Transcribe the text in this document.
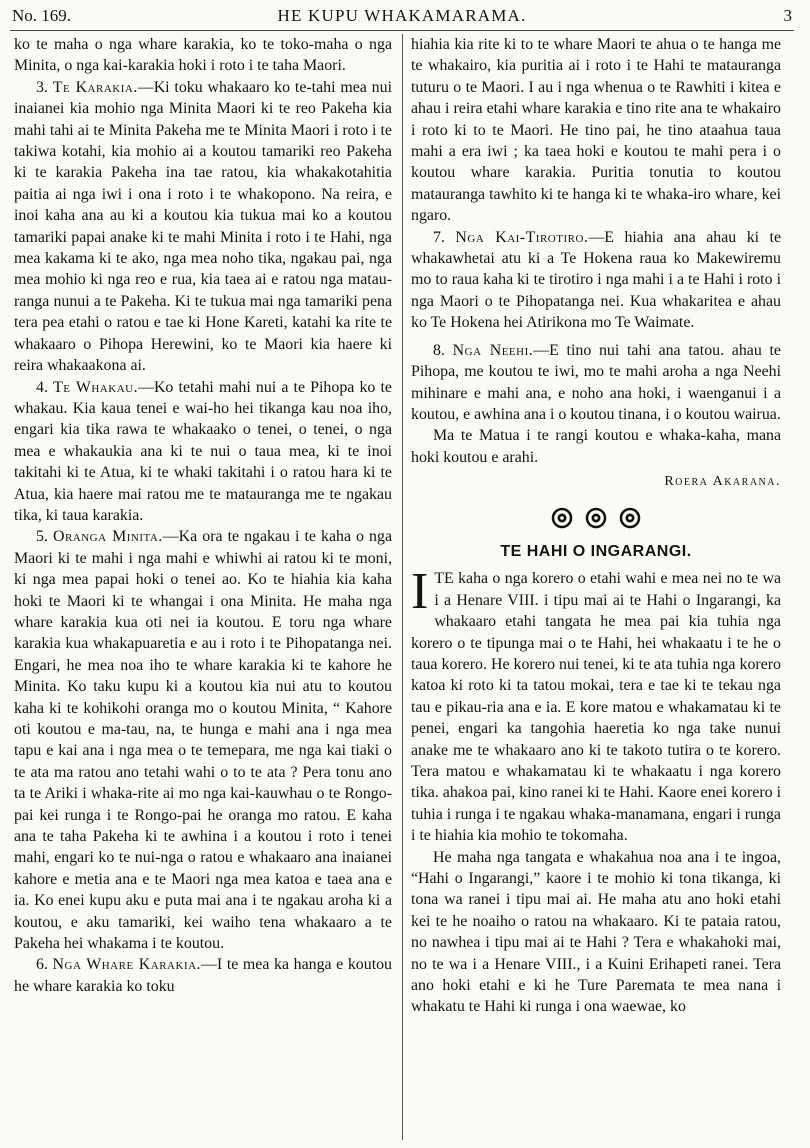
No. 169.	HE KUPU WHAKAMARAMA.	3

ko te maha o nga whare karakia, ko te toko-maha o nga Minita, o nga kai-karakia hoki i roto i te taha Maori.

3. Te Karakia.—Ki toku whakaaro ko te-tahi mea nui inaianei kia mohio nga Minita Maori ki te reo Pakeha kia mahi tahi ai te Minita Pakeha me te Minita Maori i roto i te takiwa kotahi, kia mohio ai a koutou tamariki reo Pakeha ki te karakia Pakeha ina tae ratou, kia whakakotahitia paitia ai nga iwi i ona i roto i te whakopono. Na reira, e inoi kaha ana au ki a koutou kia tukua mai ko a koutou tamariki papai anake ki te mahi Minita i roto i te Hahi, nga mea kakama ki te ako, nga mea noho tika, ngakau pai, nga mea mohio ki nga reo e rua, kia taea ai e ratou nga matau-ranga nunui a te Pakeha. Ki te tukua mai nga tamariki pena tera pea etahi o ratou e tae ki Hone Kareti, katahi ka rite te whakaaro o Pihopa Herewini, ko te Maori kia haere ki reira whakaakona ai.

4. Te Whakau.—Ko tetahi mahi nui a te Pihopa ko te whakau. Kia kaua tenei e wai-ho hei tikanga kau noa iho, engari kia tika rawa te whakaako o tenei, o tenei, o nga mea e whakaukia ana ki te nui o taua mea, ki te inoi takitahi ki te Atua, ki te whaki takitahi i o ratou hara ki te Atua, kia haere mai ratou me te matauranga me te ngakau tika, ki taua karakia.

5. Oranga Minita.—Ka ora te ngakau i te kaha o nga Maori ki te mahi i nga mahi e whiwhi ai ratou ki te moni, ki nga mea papai hoki o tenei ao. Ko te hiahia kia kaha hoki te Maori ki te whangai i ona Minita. He maha nga whare karakia kua oti nei ia koutou. E toru nga whare karakia kua whakapuaretia e au i roto i te Pihopatanga nei. Engari, he mea noa iho te whare karakia ki te kahore he Minita. Ko taku kupu ki a koutou kia nui atu to koutou kaha ki te kohikohi oranga mo o koutou Minita, “ Kahore oti koutou e ma-tau, na, te hunga e mahi ana i nga mea tapu e kai ana i nga mea o te temepara, me nga kai tiaki o te ata ma ratou ano tetahi wahi o to te ata ? Pera tonu ano ta te Ariki i whaka-rite ai mo nga kai-kauwhau o te Rongo-pai kei runga i te Rongo-pai he oranga mo ratou. E kaha ana te taha Pakeha ki te awhina i a koutou i roto i tenei mahi, engari ko te nui-nga o ratou e whakaaro ana inaianei kahore e metia ana e te Maori nga mea katoa e taea ana e ia. Ko enei kupu aku e puta mai ana i te ngakau aroha ki a koutou, e aku tamariki, kei waiho tena whakaaro a te Pakeha hei whakama i te koutou.

6. Nga Whare Karakia.—I te mea ka hanga e koutou he whare karakia ko toku

hiahia kia rite ki to te whare Maori te ahua o te hanga me te whakairo, kia puritia ai i roto i te Hahi te matauranga tuturu o te Maori. I au i nga whenua o te Rawhiti i kitea e ahau i reira etahi whare karakia e tino rite ana te whakairo i roto ki to te Maori. He tino pai, he tino ataahua taua mahi a era iwi ; ka taea hoki e koutou te mahi pera i o koutou whare karakia. Puritia tonutia to koutou matauranga tawhito ki te hanga ki te whaka-iro whare, kei ngaro.

7. Nga Kai-Tirotiro.—E hiahia ana ahau ki te whakawhetai atu ki a Te Hokena raua ko Makewiremu mo to raua kaha ki te tirotiro i nga mahi i a te Hahi i roto i nga Maori o te Pihopatanga nei. Kua whakaritea e ahau ko Te Hokena hei Atirikona mo Te Waimate.

8. Nga Neehi.—E tino nui tahi ana tatou. ahau te Pihopa, me koutou te iwi, mo te mahi aroha a nga Neehi mihinare e mahi ana, e noho ana hoki, i waenganui i a koutou, e awhina ana i o koutou tinana, i o koutou wairua.

Ma te Matua i te rangi koutou e whaka-kaha, mana hoki koutou e arahi.

Roera Akarana.

TE HAHI O INGARANGI.

ITE kaha o nga korero o etahi wahi e mea nei no te wa i a Henare VIII. i tipu mai ai te Hahi o Ingarangi, ka whakaaro etahi tangata he mea pai kia tuhia nga korero o te tipunga mai o te Hahi, hei whakaatu i te he o taua korero. He korero nui tenei, ki te ata tuhia nga korero katoa ki roto ki ta tatou mokai, tera e tae ki te tekau nga tau e pikau-ria ana e ia. E kore matou e whakamatau ki te penei, engari ka tangohia haeretia ko nga take nunui anake me te whakaaro ano ki te takoto tutira o te korero. Tera matou e whakamatau ki te whakaatu i nga korero tika. ahakoa pai, kino ranei ki te Hahi. Kaore enei korero i tuhia i runga i te ngakau whaka-manamana, engari i runga i te hiahia kia mohio te tokomaha.

He maha nga tangata e whakahua noa ana i te ingoa, “Hahi o Ingarangi,” kaore i te mohio ki tona tikanga, ki tona wa ranei i tipu mai ai. He maha atu ano hoki etahi kei te he noaiho o ratou na whakaaro. Ki te pataia ratou, no nawhea i tipu mai ai te Hahi ? Tera e whakahoki mai, no te wa i a Henare VIII., i a Kuini Erihapeti ranei. Tera ano hoki etahi e ki he Ture Paremata te mea nana i whakatu te Hahi ki runga i ona waewae, ko
